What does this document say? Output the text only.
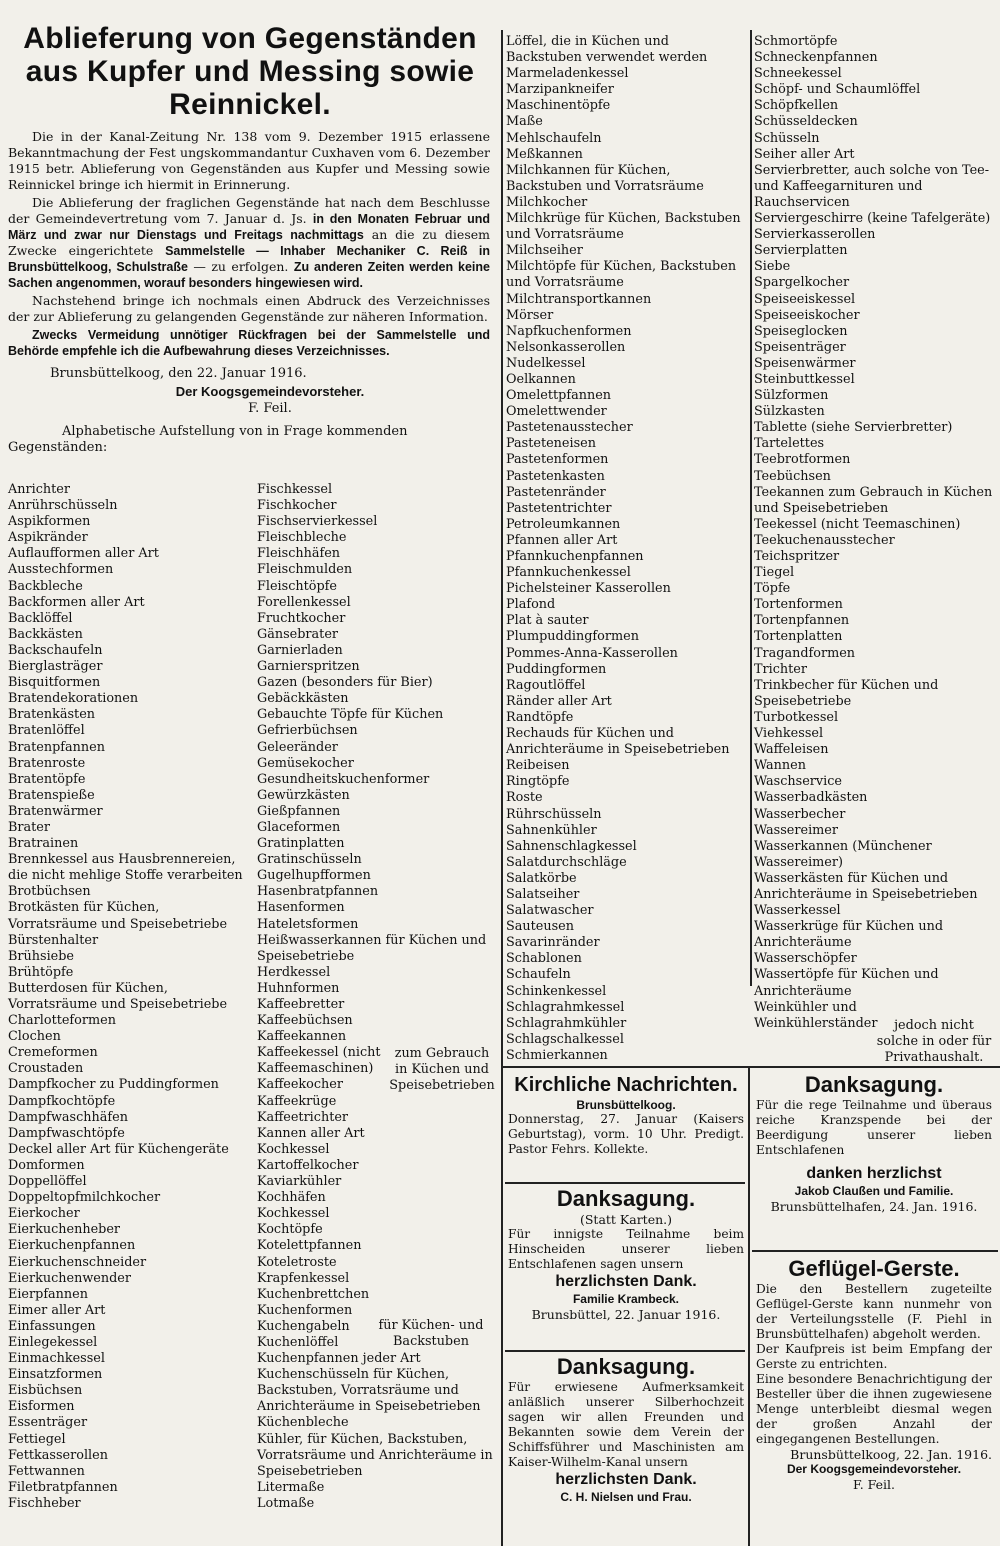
Ablieferung von Gegenständen aus Kupfer und Messing sowie Reinnickel.

Die in der Kanal-Zeitung Nr. 138 vom 9. Dezember 1915 erlassene Bekanntmachung der Fest ungskommandantur Cuxhaven vom 6. Dezember 1915 betr. Ablieferung von Gegenständen aus Kupfer und Messing sowie Reinnickel bringe ich hiermit in Erinnerung.

Die Ablieferung der fraglichen Gegenstände hat nach dem Beschlusse der Gemeindevertretung vom 7. Januar d. Js. in den Monaten Februar und März und zwar nur Dienstags und Freitags nachmittags an die zu diesem Zwecke eingerichtete Sammelstelle — Inhaber Mechaniker C. Reiß in Brunsbüttelkoog, Schulstraße — zu erfolgen. Zu anderen Zeiten werden keine Sachen angenommen, worauf besonders hingewiesen wird.

Nachstehend bringe ich nochmals einen Abdruck des Verzeichnisses der zur Ablieferung zu gelangenden Gegenstände zur näheren Information.

Zwecks Vermeidung unnötiger Rückfragen bei der Sammelstelle und Behörde empfehle ich die Aufbewahrung dieses Verzeichnisses.

Brunsbüttelkoog, den 22. Januar 1916.
Der Koogsgemeindevorsteher.
F. Feil.
Alphabetische Aufstellung von in Frage kommenden Gegenständen:
Anrichter
Anrührschüsseln
Aspikformen
Aspikränder
Auflaufformen aller Art
Ausstechformen
Backbleche
Backformen aller Art
Backlöffel
Backkästen
Backschaufeln
Bierglasträger
Bisquitformen
Bratendekorationen
Bratenkästen
Bratenlöffel
Bratenpfannen
Bratenroste
Bratentöpfe
Bratenspieße
Bratenwärmer
Brater
Bratrainen
Brennkessel aus Hausbrennereien,
die nicht mehlige Stoffe verarbeiten
Brotbüchsen
Brotkästen für Küchen, Vorratsräume und Speisebetriebe
Bürstenhalter
Brühsiebe
Brühtöpfe
Butterdosen für Küchen, Vorratsräume und Speisebetriebe
Charlotteformen
Clochen
Cremeformen
Croustaden
Dampfkocher zu Puddingformen
Dampfkochtöpfe
Dampfwaschhäfen
Dampfwaschtöpfe
Deckel aller Art für Küchengeräte
Domformen
Doppellöffel
Doppeltopfmilchkocher
Eierkocher
Eierkuchenheber
Eierkuchenpfannen
Eierkuchenschneider
Eierkuchenwender
Eierpfannen
Eimer aller Art
Einfassungen
Einlegekessel
Einmachkessel
Einsatzformen
Eisbüchsen
Eisformen
Essenträger
Fettiegel
Fettkasserollen
Fettwannen
Filetbratpfannen
Fischheber
Fischkessel
Fischkocher
Fischservierkessel
Fleischbleche
Fleischhäfen
Fleischmulden
Fleischtöpfe
Forellenkessel
Fruchtkocher
Gänsebrater
Garnierladen
Garnierspritzen
Gazen (besonders für Bier)
Gebäckkästen
Gebauchte Töpfe für Küchen
Gefrierbüchsen
Geleeränder
Gemüsekocher
Gesundheitskuchenformer
Gewürzkästen
Gießpfannen
Glaceformen
Gratinplatten
Gratinschüsseln
Gugelhupfformen
Hasenbratpfannen
Hasenformen
Hateletsformen
Heißwasserkannen für Küchen und Speisebetriebe
Herdkessel
Huhnformen
Kaffeebretter
Kaffeebüchsen
Kaffeekannen
Kaffeekessel (nicht Kaffeemaschinen)
Kaffeekocher
Kaffeekrüge
Kaffeetrichter
Kannen aller Art
Kochkessel
Kartoffelkocher
Kaviarkühler
Kochhäfen
Kochkessel
Kochtöpfe
Kotelettpfannen
Koteletroste
Krapfenkessel
Kuchenbrettchen
Kuchenformen
Kuchengabeln
Kuchenlöffel
Kuchenpfannen jeder Art
Kuchenschüsseln für Küchen, Backstuben, Vorratsräume und Anrichteräume in Speisebetrieben
Küchenbleche
Kühler, für Küchen, Backstuben, Vorratsräume und Anrichteräume in Speisebetrieben
Litermaße
Lotmaße
zum Gebrauch in Küchen und Speisebetrieben
für Küchen- und Backstuben
Löffel, die in Küchen und Backstuben verwendet werden
Marmeladenkessel
Marzipankneifer
Maschinentöpfe
Maße
Mehlschaufeln
Meßkannen
Milchkannen für Küchen, Backstuben und Vorratsräume
Milchkocher
Milchkrüge für Küchen, Backstuben und Vorratsräume
Milchseiher
Milchtöpfe für Küchen, Backstuben und Vorratsräume
Milchtransportkannen
Mörser
Napfkuchenformen
Nelsonkasserollen
Nudelkessel
Oelkannen
Omelettpfannen
Omelettwender
Pastetenausstecher
Pasteteneisen
Pastetenformen
Pastetenkasten
Pastetenränder
Pastetentrichter
Petroleumkannen
Pfannen aller Art
Pfannkuchenpfannen
Pfannkuchenkessel
Pichelsteiner Kasserollen
Plafond
Plat à sauter
Plumpuddingformen
Pommes-Anna-Kasserollen
Puddingformen
Ragoutlöffel
Ränder aller Art
Randtöpfe
Rechauds für Küchen und Anrichteräume in Speisebetrieben
Reibeisen
Ringtöpfe
Roste
Rührschüsseln
Sahnenkühler
Sahnenschlagkessel
Salatdurchschläge
Salatkörbe
Salatseiher
Salatwascher
Sauteusen
Savarinränder
Schablonen
Schaufeln
Schinkenkessel
Schlagrahmkessel
Schlagrahmkühler
Schlagschalkessel
Schmierkannen
Schmortöpfe
Schneckenpfannen
Schneekessel
Schöpf- und Schaumlöffel
Schöpfkellen
Schüsseldecken
Schüsseln
Seiher aller Art
Servierbretter, auch solche von Tee- und Kaffeegarnituren und Rauchservicen
Serviergeschirre (keine Tafelgeräte)
Servierkasserollen
Servierplatten
Siebe
Spargelkocher
Speiseeiskessel
Speiseeiskocher
Speiseglocken
Speisenträger
Speisenwärmer
Steinbuttkessel
Sülzformen
Sülzkasten
Tablette (siehe Servierbretter)
Tartelettes
Teebrotformen
Teebüchsen
Teekannen zum Gebrauch in Küchen und Speisebetrieben
Teekessel (nicht Teemaschinen)
Teekuchenausstecher
Teichspritzer
Tiegel
Töpfe
Tortenformen
Tortenpfannen
Tortenplatten
Tragandformen
Trichter
Trinkbecher für Küchen und Speisebetriebe
Turbotkessel
Viehkessel
Waffeleisen
Wannen
Waschservice
Wasserbadkästen
Wasserbecher
Wassereimer
Wasserkannen (Münchener Wassereimer)
Wasserkästen für Küchen und Anrichteräume in Speisebetrieben
Wasserkessel
Wasserkrüge für Küchen und Anrichteräume
Wasserschöpfer
Wassertöpfe für Küchen und Anrichteräume
Weinkühler und
Weinkühlerständer	jedoch nicht solche in oder für Privathaushalt.
Kirchliche Nachrichten.
Brunsbüttelkoog.
Donnerstag, 27. Januar (Kaisers Geburtstag), vorm. 10 Uhr. Predigt. Pastor Fehrs. Kollekte.
Danksagung.
(Statt Karten.)
Für innigste Teilnahme beim Hinscheiden unserer lieben Entschlafenen sagen unsern
herzlichsten Dank.
Familie Krambeck.
Brunsbüttel, 22. Januar 1916.
Danksagung.
Für erwiesene Aufmerksamkeit anläßlich unserer Silberhochzeit sagen wir allen Freunden und Bekannten sowie dem Verein der Schiffsführer und Maschinisten am Kaiser-Wilhelm-Kanal unsern
herzlichsten Dank.
C. H. Nielsen und Frau.
Danksagung.
Für die rege Teilnahme und überaus reiche Kranzspende bei der Beerdigung unserer lieben Entschlafenen
danken herzlichst
Jakob Claußen und Familie.
Brunsbüttelhafen, 24. Jan. 1916.
Geflügel-Gerste.
Die den Bestellern zugeteilte Geflügel-Gerste kann nunmehr von der Verteilungsstelle (F. Piehl in Brunsbüttelhafen) abgeholt werden.
Der Kaufpreis ist beim Empfang der Gerste zu entrichten.
Eine besondere Benachrichtigung der Besteller über die ihnen zugewiesene Menge unterbleibt diesmal wegen der großen Anzahl der eingegangenen Bestellungen.
Brunsbüttelkoog, 22. Jan. 1916.
Der Koogsgemeindevorsteher.
F. Feil.
